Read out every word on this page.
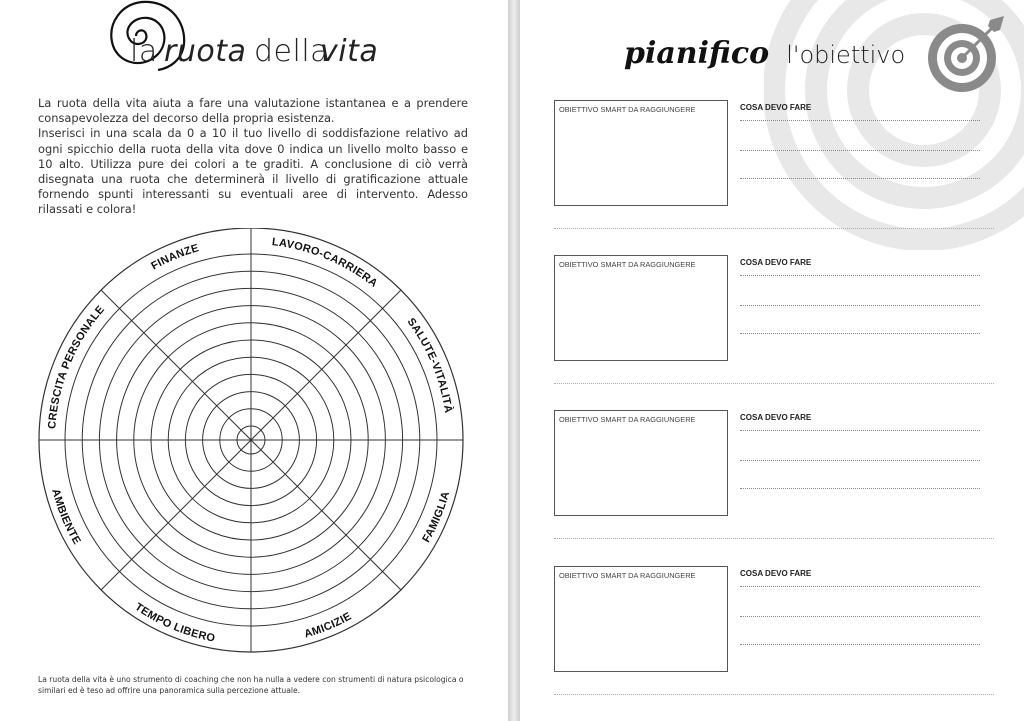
la ruota della
vita

La ruota della vita aiuta a fare una valutazione istantanea e a prendere consapevolezza del decorso della propria esistenza.

Inserisci in una scala da 0 a 10 il tuo livello di soddisfazione relativo ad ogni spicchio della ruota della vita dove 0 indica un livello molto basso e 10 alto. Utilizza pure dei colori a te graditi. A conclusione di ciò verrà disegnata una ruota che determinerà il livello di gratificazione attuale fornendo spunti interessanti su eventuali aree di intervento. Adesso rilassati e colora!

LAVORO-CARRIERA
SALUTE-VITALITÀ
FAMIGLIA
AMICIZIE
TEMPO LIBERO
AMBIENTE
CRESCITA PERSONALE
FINANZE
La ruota della vita è uno strumento di coaching che non ha nulla a vedere con strumenti di natura psicologica o similari ed è teso ad offrire una panoramica sulla percezione attuale.
pianifico l'obiettivo
OBIETTIVO SMART DA RAGGIUNGERE	COSA DEVO FARE
OBIETTIVO SMART DA RAGGIUNGERE	COSA DEVO FARE
OBIETTIVO SMART DA RAGGIUNGERE	COSA DEVO FARE
OBIETTIVO SMART DA RAGGIUNGERE	COSA DEVO FARE
